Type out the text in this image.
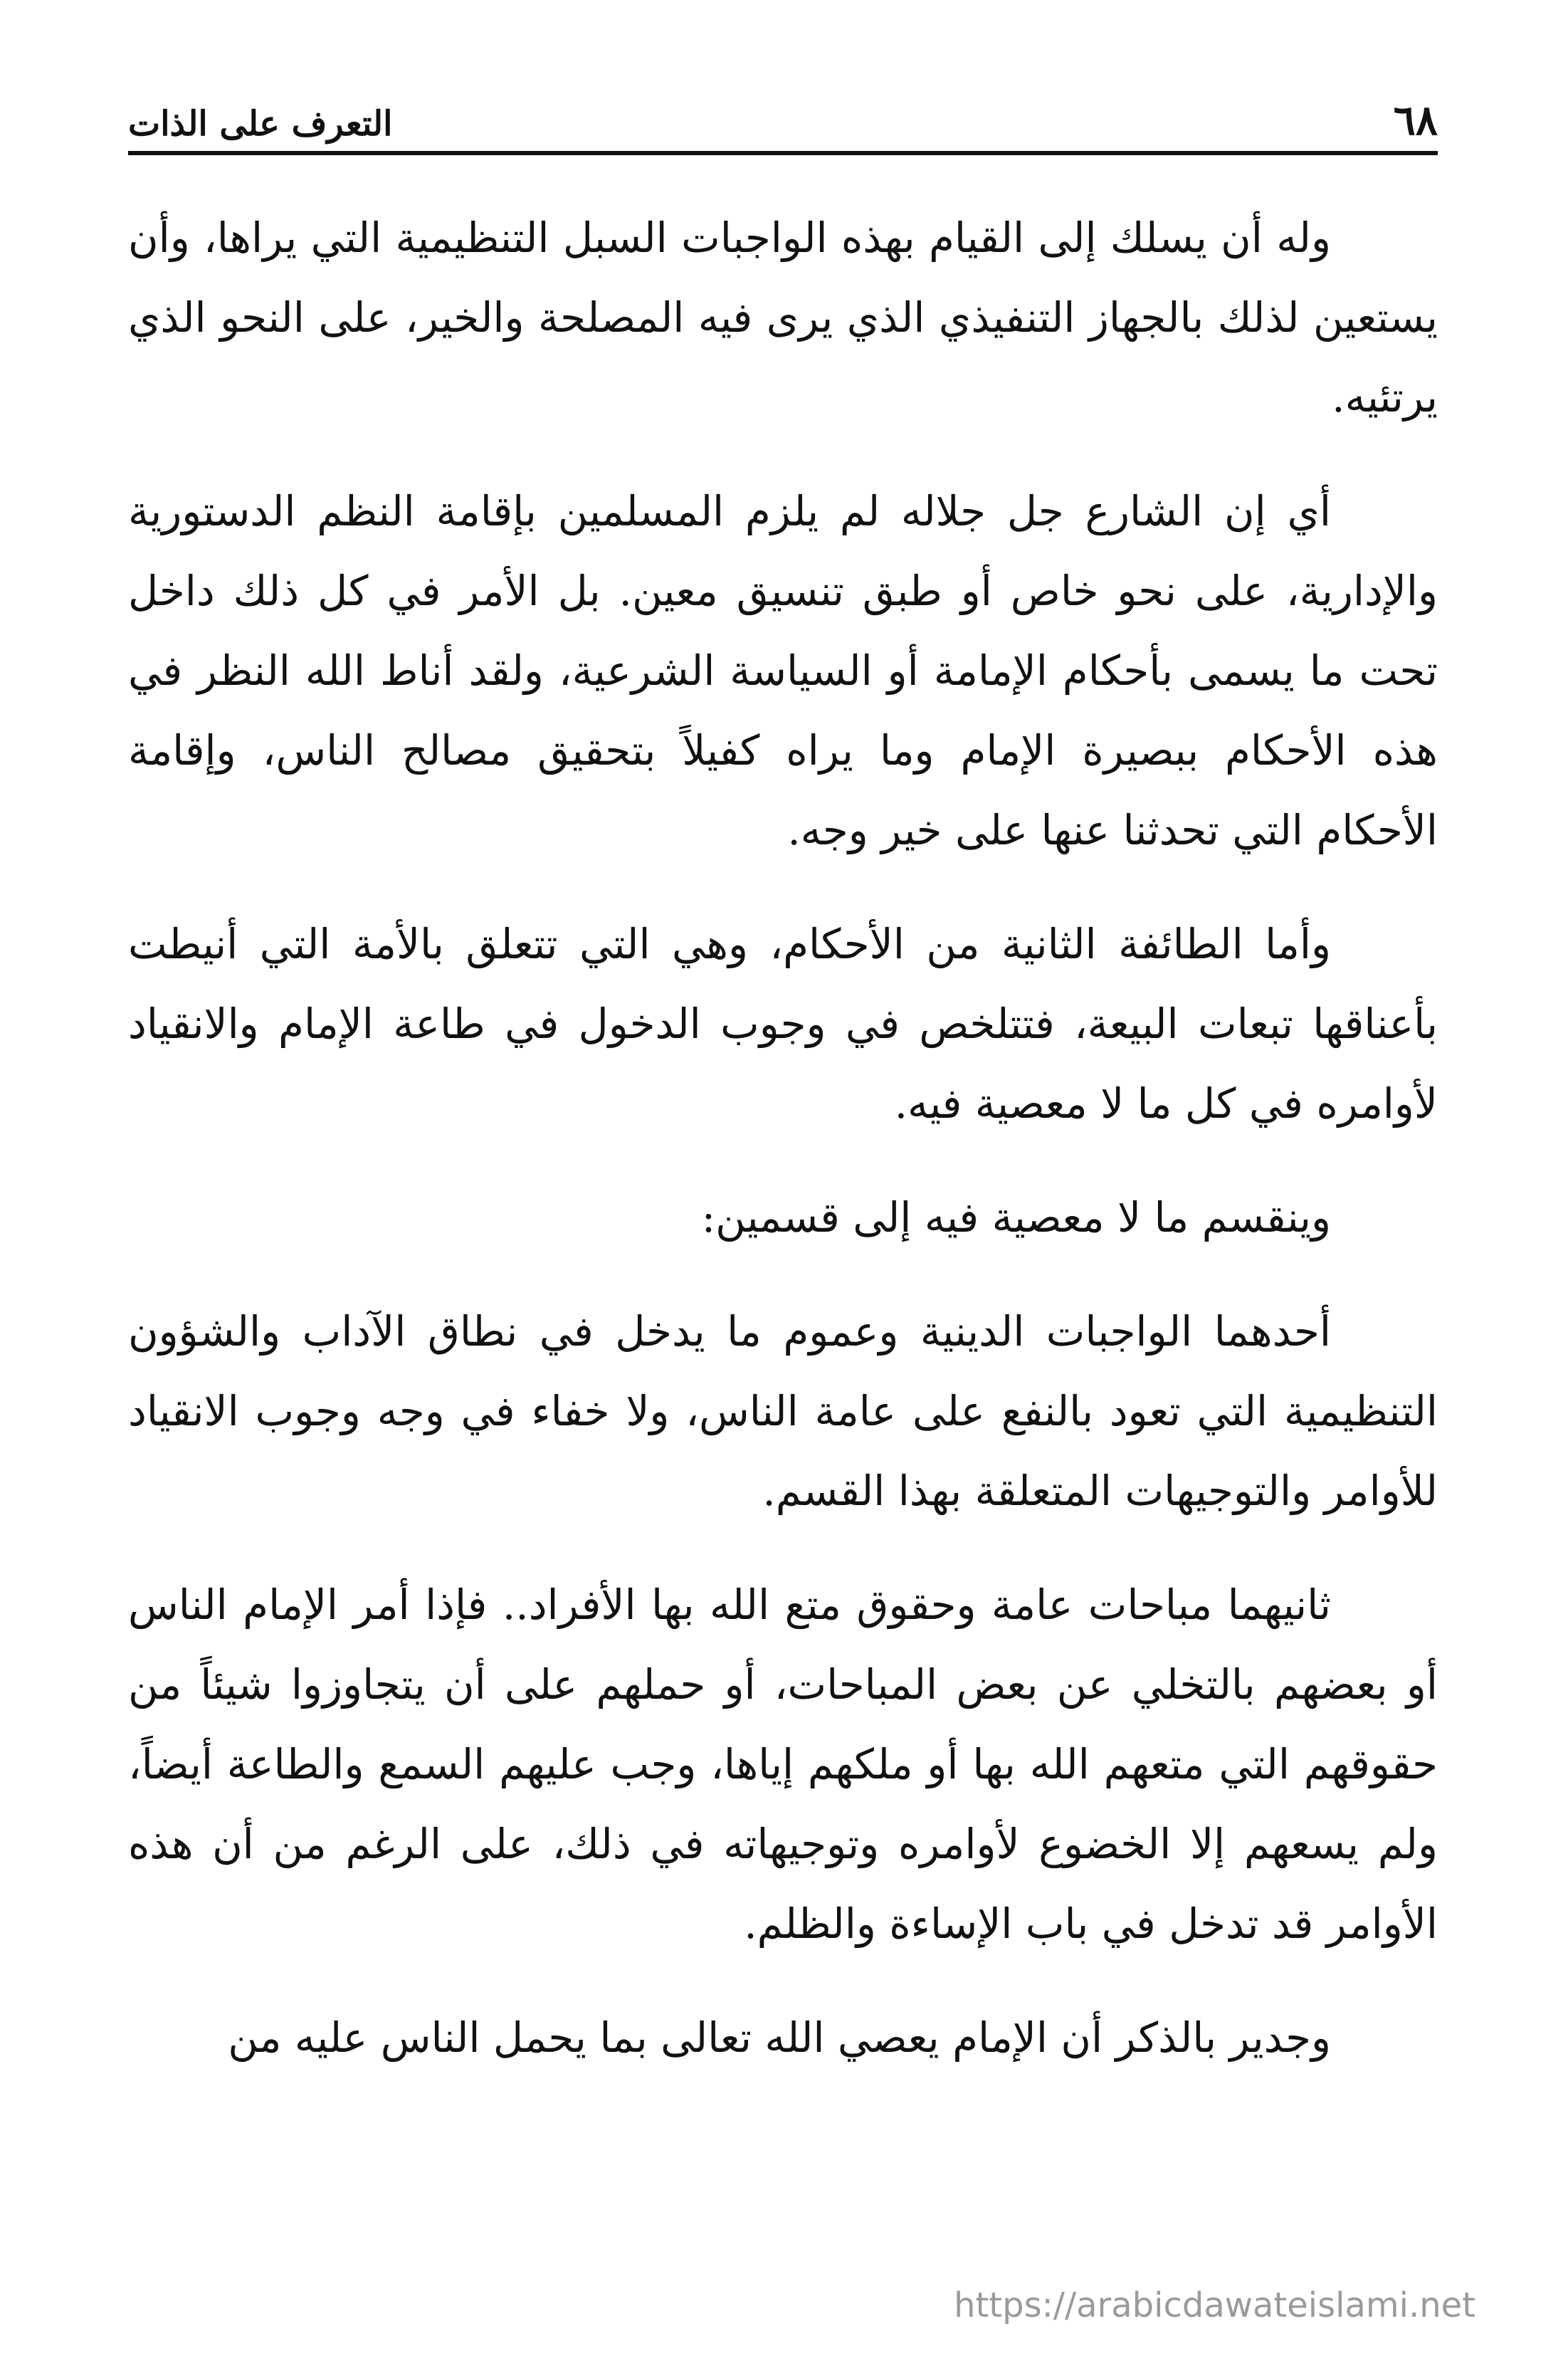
٦٨
التعرف على الذات

وله أن يسلك إلى القيام بهذه الواجبات السبل التنظيمية التي يراها، وأن يستعين لذلك بالجهاز التنفيذي الذي يرى فيه المصلحة والخير، على النحو الذي يرتئيه.

أي إن الشارع جل جلاله لم يلزم المسلمين بإقامة النظم الدستورية والإدارية، على نحو خاص أو طبق تنسيق معين. بل الأمر في كل ذلك داخل تحت ما يسمى بأحكام الإمامة أو السياسة الشرعية، ولقد أناط الله النظر في هذه الأحكام ببصيرة الإمام وما يراه كفيلاً بتحقيق مصالح الناس، وإقامة الأحكام التي تحدثنا عنها على خير وجه.

وأما الطائفة الثانية من الأحكام، وهي التي تتعلق بالأمة التي أنيطت بأعناقها تبعات البيعة، فتتلخص في وجوب الدخول في طاعة الإمام والانقياد لأوامره في كل ما لا معصية فيه.

وينقسم ما لا معصية فيه إلى قسمين:

أحدهما الواجبات الدينية وعموم ما يدخل في نطاق الآداب والشؤون التنظيمية التي تعود بالنفع على عامة الناس، ولا خفاء في وجه وجوب الانقياد للأوامر والتوجيهات المتعلقة بهذا القسم.

ثانيهما مباحات عامة وحقوق متع الله بها الأفراد.. فإذا أمر الإمام الناس أو بعضهم بالتخلي عن بعض المباحات، أو حملهم على أن يتجاوزوا شيئاً من حقوقهم التي متعهم الله بها أو ملكهم إياها، وجب عليهم السمع والطاعة أيضاً، ولم يسعهم إلا الخضوع لأوامره وتوجيهاته في ذلك، على الرغم من أن هذه الأوامر قد تدخل في باب الإساءة والظلم.

وجدير بالذكر أن الإمام يعصي الله تعالى بما يحمل الناس عليه من

https://arabicdawateislami.net
